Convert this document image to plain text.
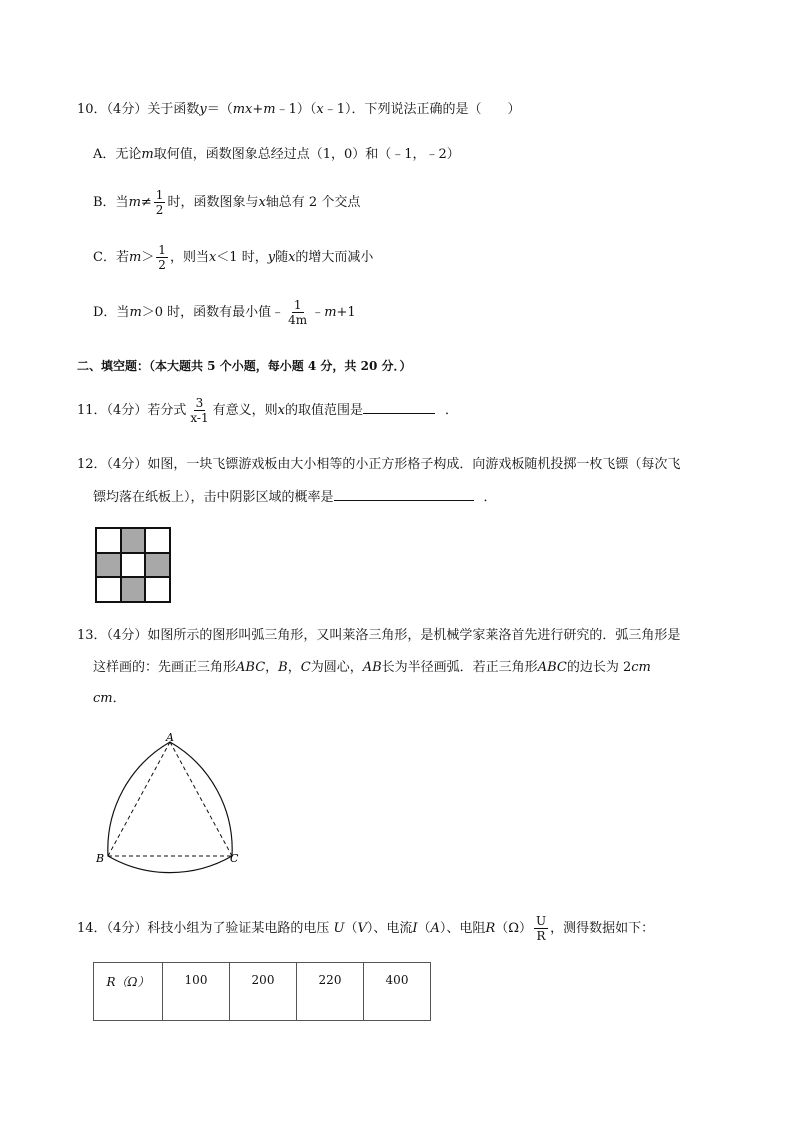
10．（4分）关于函数y＝（mx+m﹣1）（x﹣1）．下列说法正确的是（　　）
A．无论m取何值，函数图象总经过点（1，0）和（﹣1，﹣2）
B．当$m\ne \frac{1}{2}$ 时，函数图象与x轴总有 2 个交点
C．若$m> \frac{1}{2}$ ，则当x＜1 时，y随x的增大而减小
D．当m＞0 时，函数有最小值﹣ $\frac{1}{4m}$ ﹣m+1
二、填空题：（本大题共 5 个小题，每小题 4 分，共 20 分．）
11．（4分）若分式 $\frac{3}{x-1}$ 有意义，则x的取值范围是	．
12．（4分）如图，一块飞镖游戏板由大小相等的小正方形格子构成．向游戏板随机投掷一枚飞镖（每次飞
镖均落在纸板上），击中阴影区域的概率是	．
13．（4分）如图所示的图形叫弧三角形，又叫莱洛三角形，是机械学家莱洛首先进行研究的．弧三角形是
这样画的：先画正三角形ABC，B，C为圆心，AB长为半径画弧．若正三角形ABC的边长为 2cm
cm．
A
B	C
14．（4分）科技小组为了验证某电路的电压 U（V）、电流I（A）、电阻$R(\Omega) \frac{U}{R}$ ，测得数据如下：
R（Ω）	100	200	220	400
